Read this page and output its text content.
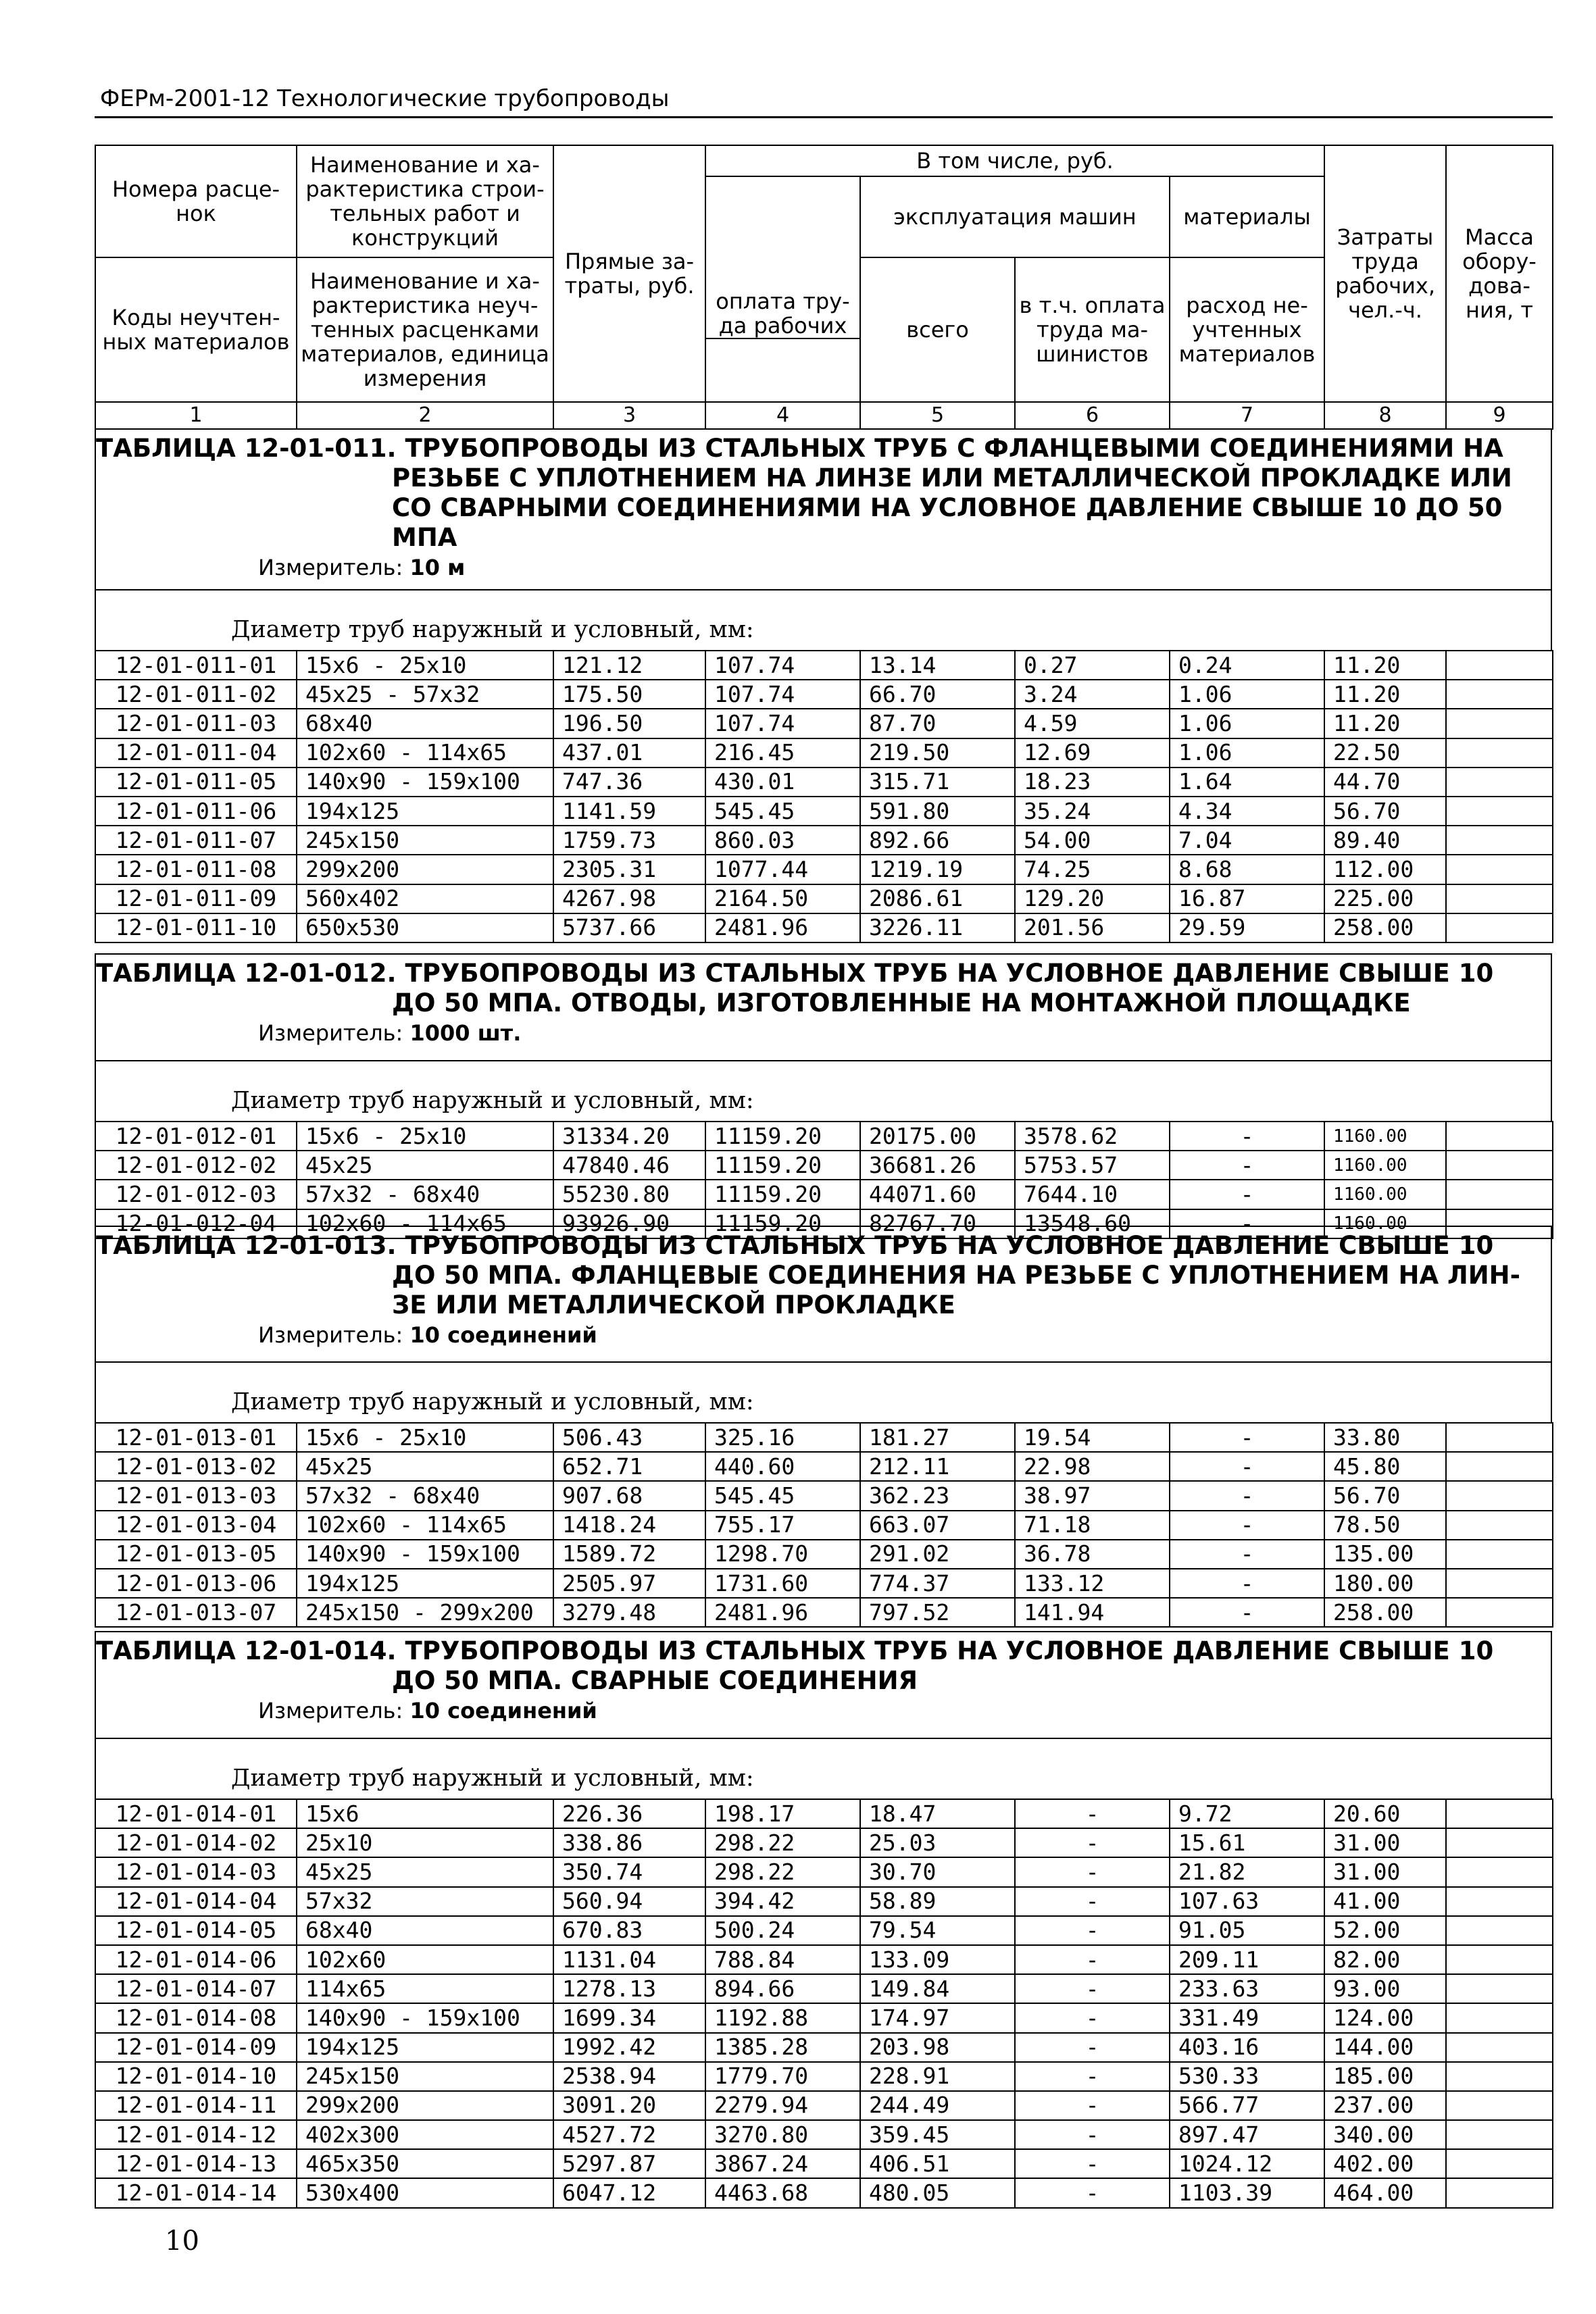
ФЕРм-2001-12 Технологические трубопроводы
Номера расце-нок	Наименование и ха-рактеристика строи-тельных работ и конструкций	Прямые за-траты, руб.	В том числе, руб.				Затраты труда рабочих, чел.-ч.	Масса обору-дова-ния, т
			оплата тру-да рабочих	эксплуатация машин		материалы		
Коды неучтен-ных материалов	Наименование и ха-рактеристика неуч-тенных расценками материалов, единица измерения			всего	в т.ч. оплата труда ма-шинистов	расход не-учтенных материалов		

1	2	3	4	5	6	7	8	9
ТАБЛИЦА 12-01-011. ТРУБОПРОВОДЫ ИЗ СТАЛЬНЫХ ТРУБ С ФЛАНЦЕВЫМИ СОЕДИНЕНИЯМИ НА
РЕЗЬБЕ С УПЛОТНЕНИЕМ НА ЛИНЗЕ ИЛИ МЕТАЛЛИЧЕСКОЙ ПРОКЛАДКЕ ИЛИ
СО СВАРНЫМИ СОЕДИНЕНИЯМИ НА УСЛОВНОЕ ДАВЛЕНИЕ СВЫШЕ 10 ДО 50
МПА
Измеритель: 10 м
Диаметр труб наружный и условный, мм:
12-01-011-01	15x6 - 25x10	121.12	107.74	13.14	0.27	0.24	11.20	
12-01-011-02	45x25 - 57x32	175.50	107.74	66.70	3.24	1.06	11.20	
12-01-011-03	68x40	196.50	107.74	87.70	4.59	1.06	11.20	
12-01-011-04	102x60 - 114x65	437.01	216.45	219.50	12.69	1.06	22.50	
12-01-011-05	140x90 - 159x100	747.36	430.01	315.71	18.23	1.64	44.70	
12-01-011-06	194x125	1141.59	545.45	591.80	35.24	4.34	56.70	
12-01-011-07	245x150	1759.73	860.03	892.66	54.00	7.04	89.40	
12-01-011-08	299x200	2305.31	1077.44	1219.19	74.25	8.68	112.00	
12-01-011-09	560x402	4267.98	2164.50	2086.61	129.20	16.87	225.00	
12-01-011-10	650x530	5737.66	2481.96	3226.11	201.56	29.59	258.00	
ТАБЛИЦА 12-01-012. ТРУБОПРОВОДЫ ИЗ СТАЛЬНЫХ ТРУБ НА УСЛОВНОЕ ДАВЛЕНИЕ СВЫШЕ 10
ДО 50 МПА. ОТВОДЫ, ИЗГОТОВЛЕННЫЕ НА МОНТАЖНОЙ ПЛОЩАДКЕ
Измеритель: 1000 шт.
Диаметр труб наружный и условный, мм:
12-01-012-01	15x6 - 25x10	31334.20	11159.20	20175.00	3578.62	-	1160.00	
12-01-012-02	45x25	47840.46	11159.20	36681.26	5753.57	-	1160.00	
12-01-012-03	57x32 - 68x40	55230.80	11159.20	44071.60	7644.10	-	1160.00	
12-01-012-04	102x60 - 114x65	93926.90	11159.20	82767.70	13548.60	-	1160.00	
ТАБЛИЦА 12-01-013. ТРУБОПРОВОДЫ ИЗ СТАЛЬНЫХ ТРУБ НА УСЛОВНОЕ ДАВЛЕНИЕ СВЫШЕ 10
ДО 50 МПА. ФЛАНЦЕВЫЕ СОЕДИНЕНИЯ НА РЕЗЬБЕ С УПЛОТНЕНИЕМ НА ЛИН-
ЗЕ ИЛИ МЕТАЛЛИЧЕСКОЙ ПРОКЛАДКЕ
Измеритель: 10 соединений
Диаметр труб наружный и условный, мм:
12-01-013-01	15x6 - 25x10	506.43	325.16	181.27	19.54	-	33.80	
12-01-013-02	45x25	652.71	440.60	212.11	22.98	-	45.80	
12-01-013-03	57x32 - 68x40	907.68	545.45	362.23	38.97	-	56.70	
12-01-013-04	102x60 - 114x65	1418.24	755.17	663.07	71.18	-	78.50	
12-01-013-05	140x90 - 159x100	1589.72	1298.70	291.02	36.78	-	135.00	
12-01-013-06	194x125	2505.97	1731.60	774.37	133.12	-	180.00	
12-01-013-07	245x150 - 299x200	3279.48	2481.96	797.52	141.94	-	258.00	
ТАБЛИЦА 12-01-014. ТРУБОПРОВОДЫ ИЗ СТАЛЬНЫХ ТРУБ НА УСЛОВНОЕ ДАВЛЕНИЕ СВЫШЕ 10
ДО 50 МПА. СВАРНЫЕ СОЕДИНЕНИЯ
Измеритель: 10 соединений
Диаметр труб наружный и условный, мм:
12-01-014-01	15x6	226.36	198.17	18.47	-	9.72	20.60	
12-01-014-02	25x10	338.86	298.22	25.03	-	15.61	31.00	
12-01-014-03	45x25	350.74	298.22	30.70	-	21.82	31.00	
12-01-014-04	57x32	560.94	394.42	58.89	-	107.63	41.00	
12-01-014-05	68x40	670.83	500.24	79.54	-	91.05	52.00	
12-01-014-06	102x60	1131.04	788.84	133.09	-	209.11	82.00	
12-01-014-07	114x65	1278.13	894.66	149.84	-	233.63	93.00	
12-01-014-08	140x90 - 159x100	1699.34	1192.88	174.97	-	331.49	124.00	
12-01-014-09	194x125	1992.42	1385.28	203.98	-	403.16	144.00	
12-01-014-10	245x150	2538.94	1779.70	228.91	-	530.33	185.00	
12-01-014-11	299x200	3091.20	2279.94	244.49	-	566.77	237.00	
12-01-014-12	402x300	4527.72	3270.80	359.45	-	897.47	340.00	
12-01-014-13	465x350	5297.87	3867.24	406.51	-	1024.12	402.00	
12-01-014-14	530x400	6047.12	4463.68	480.05	-	1103.39	464.00	
10
